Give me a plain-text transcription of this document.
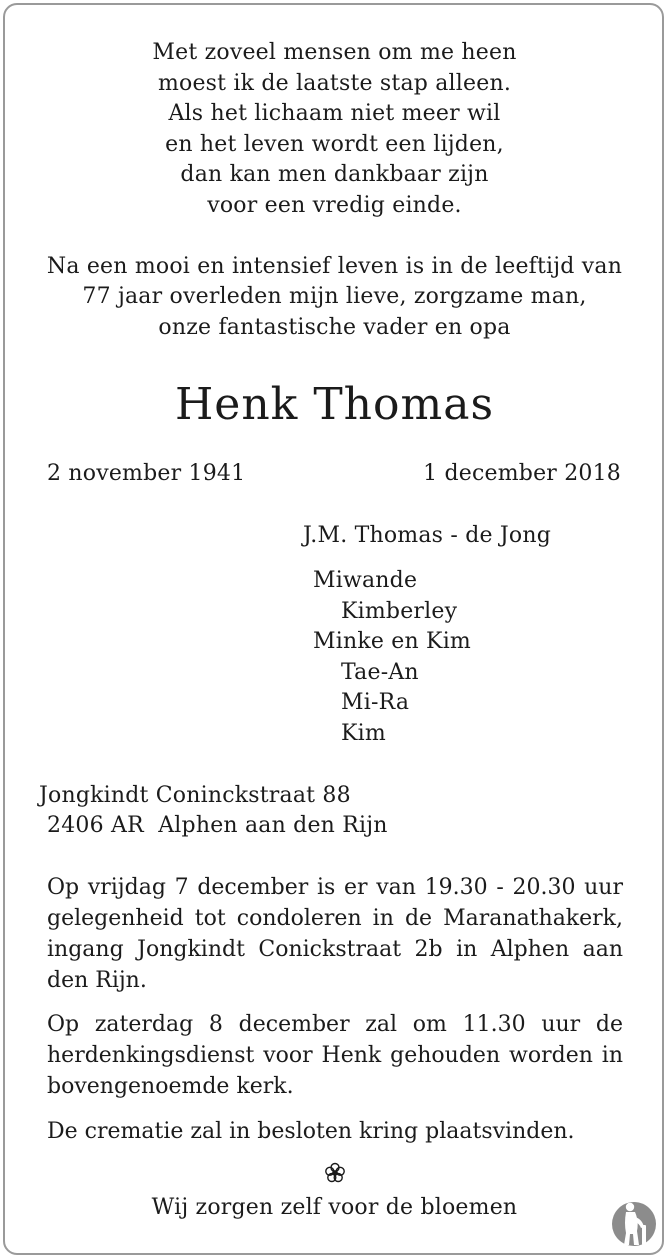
Met zoveel mensen om me heen
moest ik de laatste stap alleen.
Als het lichaam niet meer wil
en het leven wordt een lijden,
dan kan men dankbaar zijn
voor een vredig einde.
Na een mooi en intensief leven is in de leeftijd van
77 jaar overleden mijn lieve, zorgzame man,
onze fantastische vader en opa
Henk Thomas
2 november 1941	1 december 2018
J.M. Thomas - de Jong
Miwande
Kimberley
Minke en Kim
Tae-An
Mi-Ra
Kim
Jongkindt Coninckstraat 88
2406 AR  Alphen aan den Rijn
Op vrijdag 7 december is er van 19.30 - 20.30 uur gelegenheid tot condoleren in de Maranathakerk, ingang Jongkindt Conickstraat 2b in Alphen aan den Rijn.
Op zaterdag 8 december zal om 11.30 uur de herdenkingsdienst voor Henk gehouden worden in bovengenoemde kerk.
De crematie zal in besloten kring plaatsvinden.
Wij zorgen zelf voor de bloemen
